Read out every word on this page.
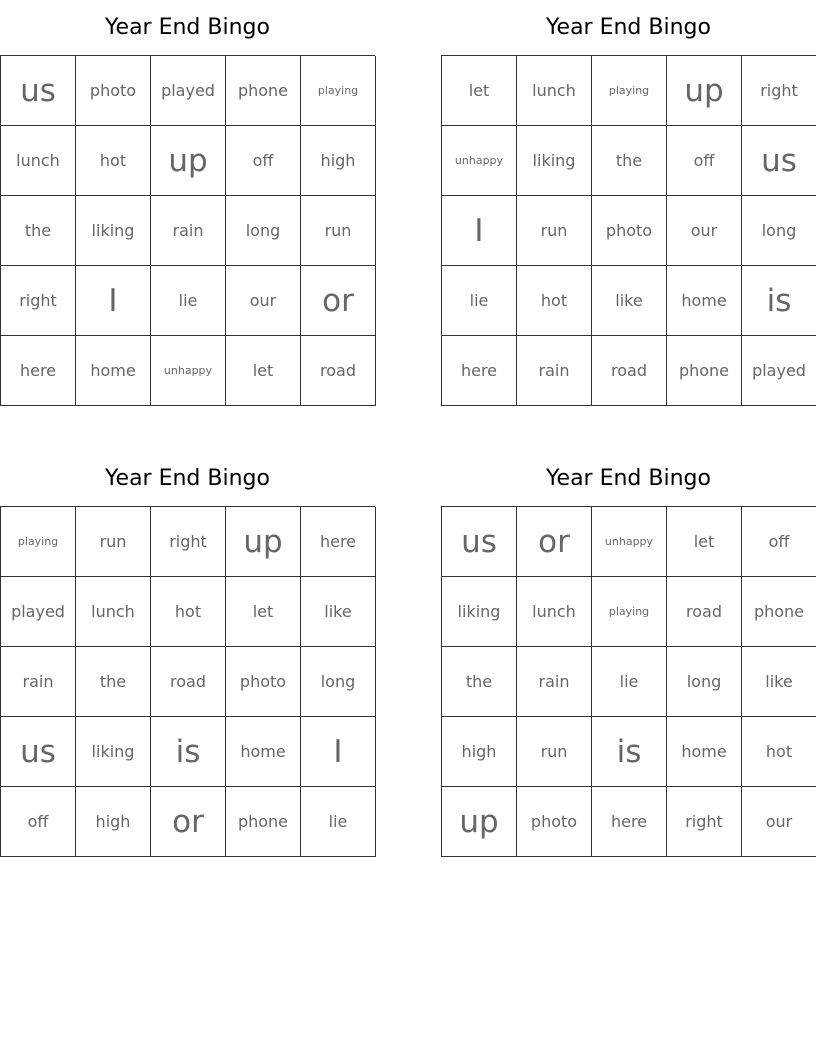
Year End Bingo
us	photo	played	phone	playing
lunch	hot	up	off	high
the	liking	rain	long	run
right	I	lie	our	or
here	home	unhappy	let	road
Year End Bingo
let	lunch	playing	up	right
unhappy	liking	the	off	us
I	run	photo	our	long
lie	hot	like	home	is
here	rain	road	phone	played
Year End Bingo
playing	run	right	up	here
played	lunch	hot	let	like
rain	the	road	photo	long
us	liking	is	home	I
off	high	or	phone	lie
Year End Bingo
us	or	unhappy	let	off
liking	lunch	playing	road	phone
the	rain	lie	long	like
high	run	is	home	hot
up	photo	here	right	our
